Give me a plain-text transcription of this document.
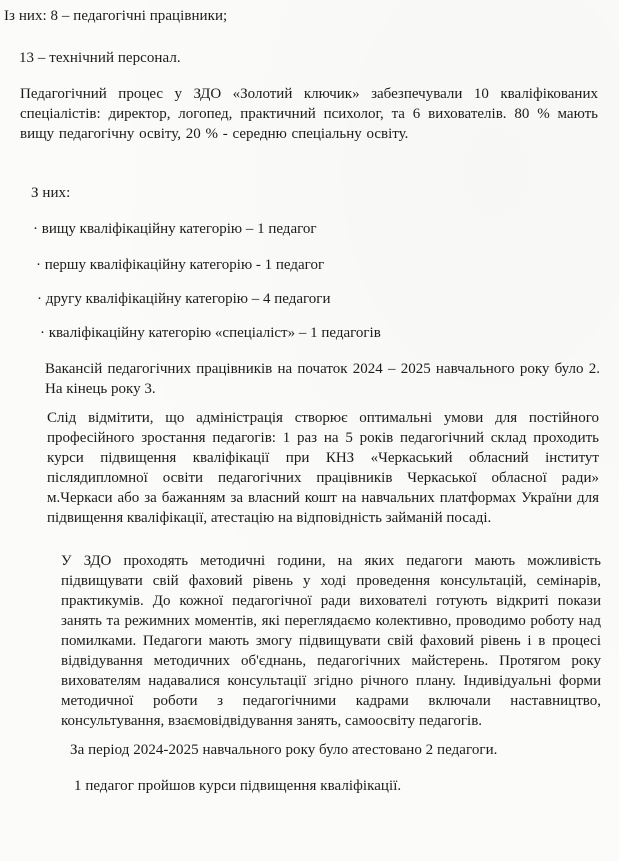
Із них: 8 – педагогічні працівники;
13 – технічний персонал.
Педагогічний процес у ЗДО «Золотий ключик» забезпечували 10 кваліфікованих спеціалістів: директор, логопед, практичний психолог, та 6 вихователів. 80 % мають вищу педагогічну освіту, 20 % - середню спеціальну освіту.
З них:
· вищу кваліфікаційну категорію – 1 педагог
· першу кваліфікаційну категорію - 1 педагог
· другу кваліфікаційну категорію – 4 педагоги
· кваліфікаційну категорію «спеціаліст» – 1 педагогів
Вакансій педагогічних працівників на початок 2024 – 2025 навчального року було 2. На кінець року 3.
Слід відмітити, що адміністрація створює оптимальні умови для постійного професійного зростання педагогів: 1 раз на 5 років педагогічний склад проходить курси підвищення кваліфікації при КНЗ «Черкаський обласний інститут післядипломної освіти педагогічних працівників Черкаської обласної ради» м.Черкаси або за бажанням за власний кошт на навчальних платформах України для підвищення кваліфікації, атестацію на відповідність займаній посаді.
У ЗДО проходять методичні години, на яких педагоги мають можливість підвищувати свій фаховий рівень у ході проведення консультацій, семінарів, практикумів. До кожної педагогічної ради вихователі готують відкриті покази занять та режимних моментів, які переглядаємо колективно, проводимо роботу над помилками. Педагоги мають змогу підвищувати свій фаховий рівень і в процесі відвідування методичних об'єднань, педагогічних майстерень. Протягом року вихователям надавалися консультації згідно річного плану. Індивідуальні форми методичної роботи з педагогічними кадрами включали наставництво, консультування, взаємовідвідування занять, самоосвіту педагогів.
За період 2024-2025 навчального року було атестовано 2 педагоги.
1 педагог пройшов курси підвищення кваліфікації.
